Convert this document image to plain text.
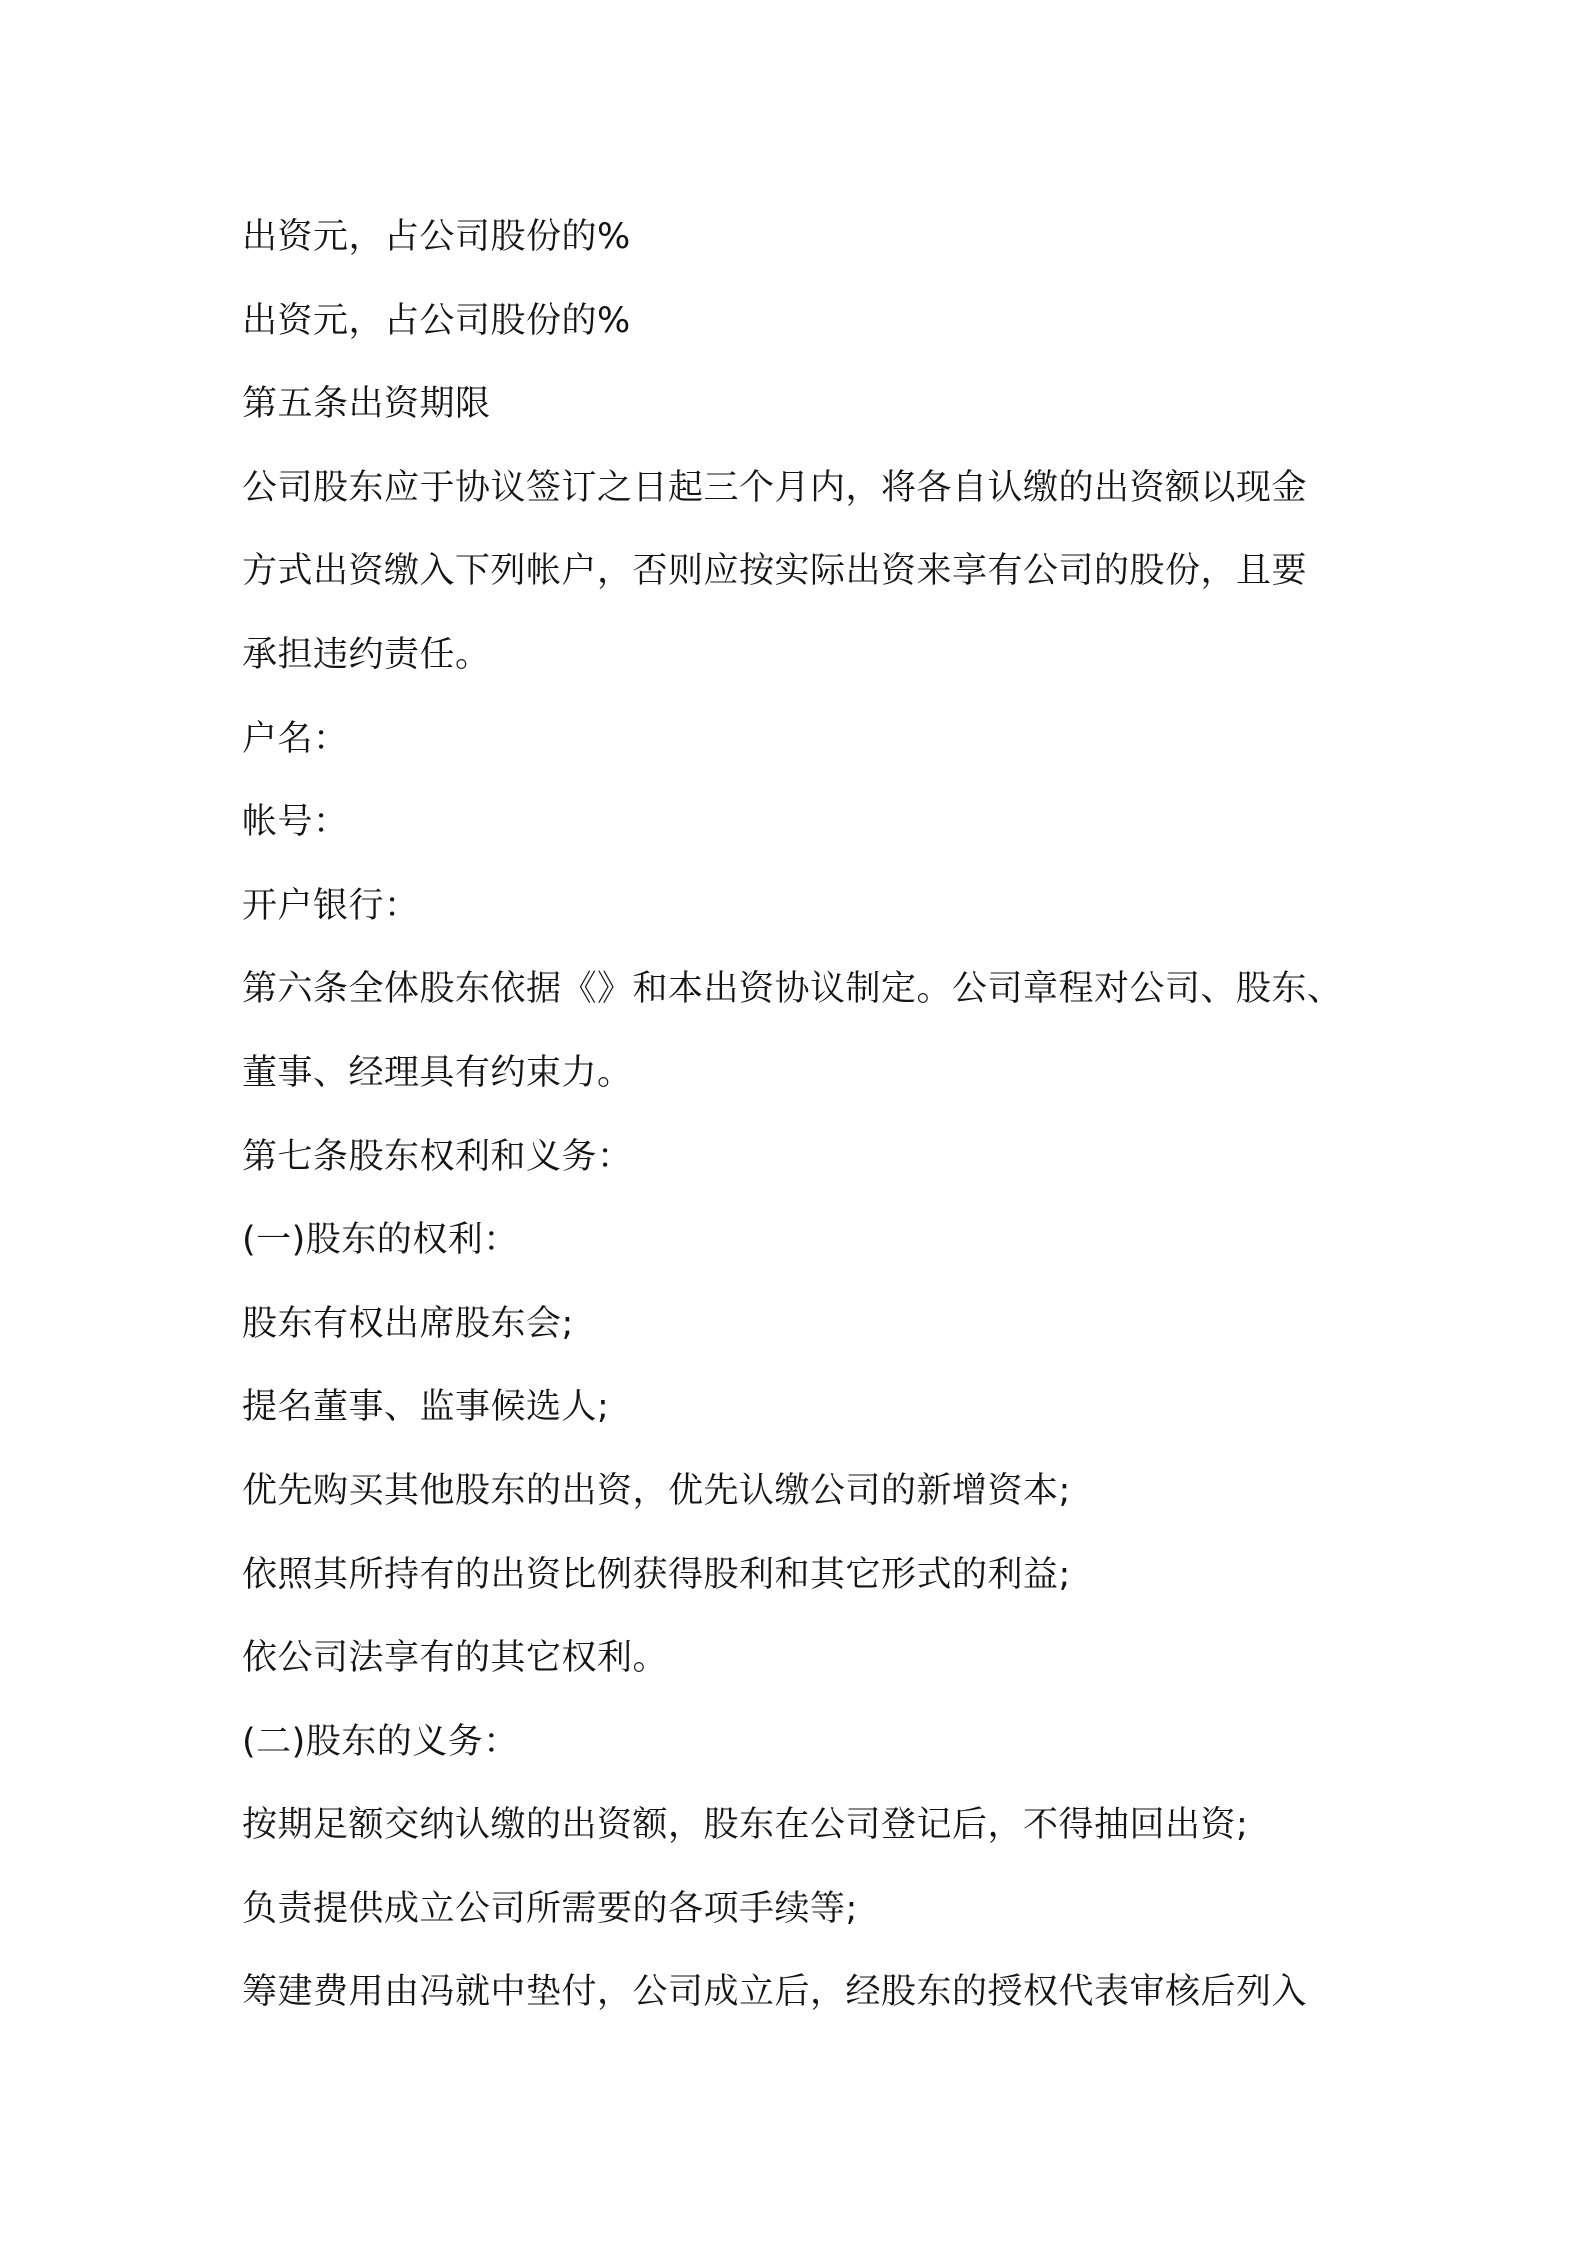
出资元，占公司股份的%

出资元，占公司股份的%

第五条出资期限

公司股东应于协议签订之日起三个月内，将各自认缴的出资额以现金

方式出资缴入下列帐户，否则应按实际出资来享有公司的股份，且要

承担违约责任。

户名：

帐号：

开户银行：

第六条全体股东依据《》和本出资协议制定。公司章程对公司、股东、

董事、经理具有约束力。

第七条股东权利和义务：

(一)股东的权利：

股东有权出席股东会;

提名董事、监事候选人;

优先购买其他股东的出资，优先认缴公司的新增资本;

依照其所持有的出资比例获得股利和其它形式的利益;

依公司法享有的其它权利。

(二)股东的义务：

按期足额交纳认缴的出资额，股东在公司登记后，不得抽回出资;

负责提供成立公司所需要的各项手续等;

筹建费用由冯就中垫付，公司成立后，经股东的授权代表审核后列入
